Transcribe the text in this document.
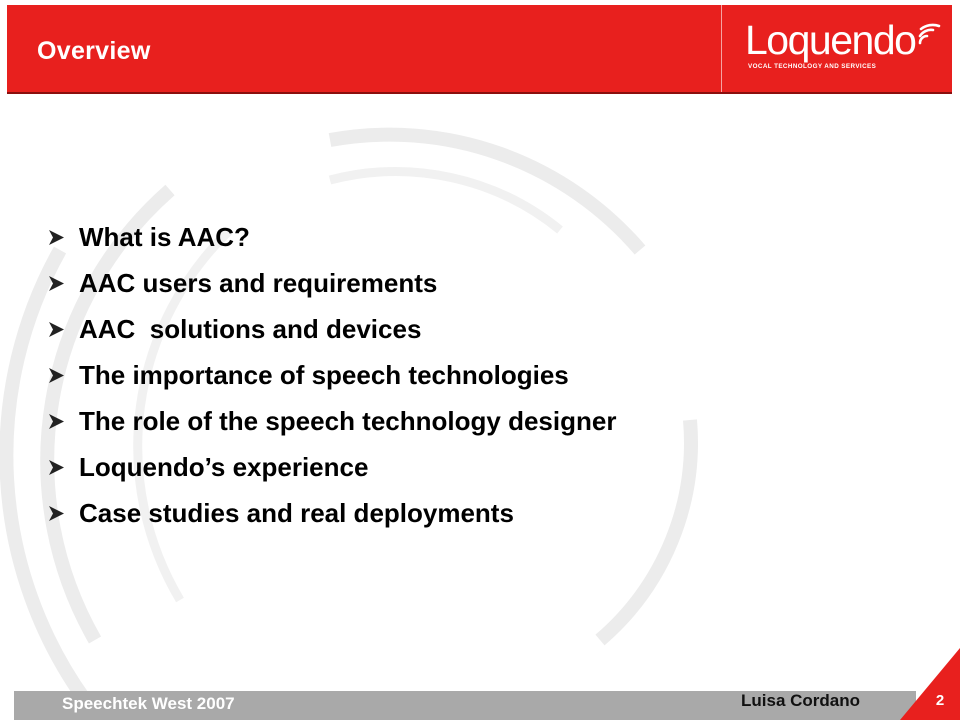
Overview	Loquendo
VOCAL TECHNOLOGY AND SERVICES
What is AAC?
AAC users and requirements
AAC  solutions and devices
The importance of speech technologies
The role of the speech technology designer
Loquendo’s experience
Case studies and real deployments
Speechtek West 2007	Luisa Cordano	2
